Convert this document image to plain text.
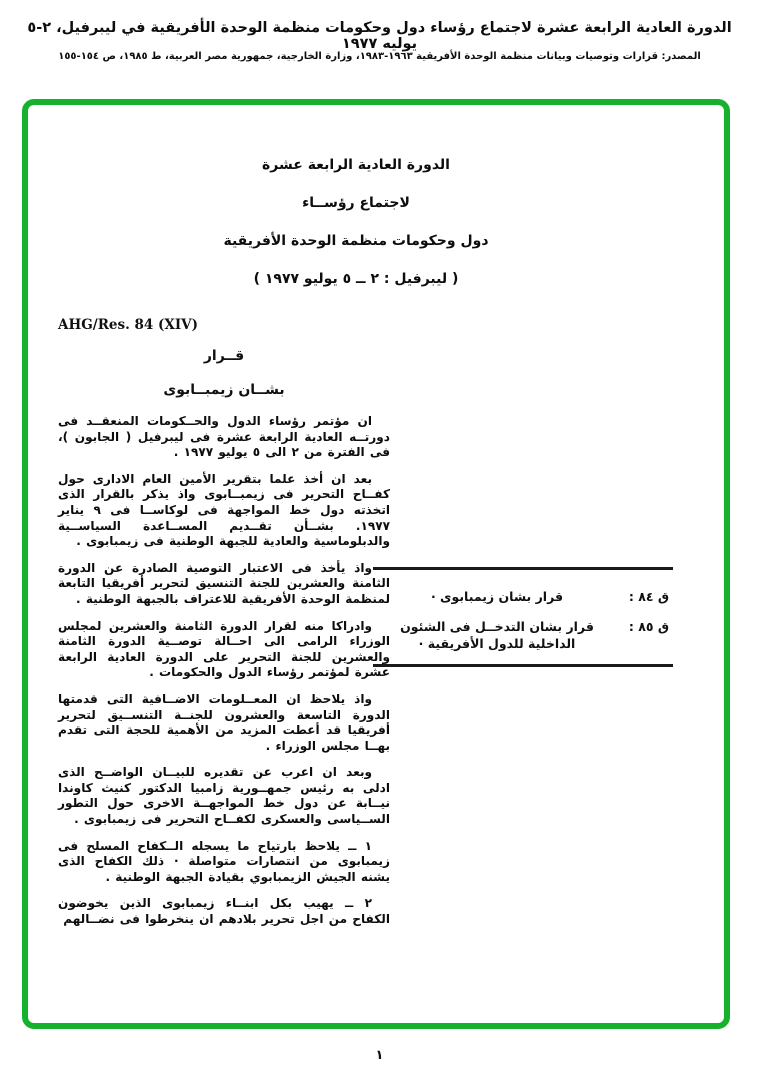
الدورة العادية الرابعة عشرة لاجتماع رؤساء دول وحكومات منظمة الوحدة الأفريقية في ليبرفيل، ٢-٥ يوليه ١٩٧٧
المصدر: قرارات وتوصيات وبيانات منظمة الوحدة الأفريقية ١٩٦٣-١٩٨٣، وزارة الخارجية، جمهورية مصر العربية، ط ١٩٨٥، ص ١٥٤-١٥٥
الدورة العادية الرابعة عشرة
لاجتماع رؤســاء
دول وحكومات منظمة الوحدة الأفريقية
( ليبرفيل : ٢ ــ ٥ يوليو ١٩٧٧ )
AHG/Res. 84 (XIV)
قــرار
بشــان زيمبــابوى

ان مؤتمر رؤساء الدول والحــكومات المنعقــد فى دورتــه العادية الرابعة عشرة فى ليبرفيل ( الجابون )، فى الفترة من ٢ الى ٥ يوليو ١٩٧٧ .

بعد ان أخذ علما بتقرير الأمين العام الادارى حول كفــاح التحرير فى زيمبــابوى واذ يذكر بالقرار الذى اتخذته دول خط المواجهة فى لوكاســا فى ٩ يناير ١٩٧٧. بشــأن تقــديم المســاعدة السياســية والدبلوماسية والعادية للجبهة الوطنية فى زيمبابوى .

واذ يأخذ فى الاعتبار التوصية الصادرة عن الدورة الثامنة والعشرين للجنة التنسيق لتحرير أفريقيا التابعة لمنظمة الوحدة الأفريقية للاعتراف بالجبهة الوطنية .

وادراكا منه لقرار الدورة الثامنة والعشرين لمجلس الوزراء الرامى الى احــالة توصــية الدورة الثامنة والعشرين للجنة التحرير على الدورة العادية الرابعة عشرة لمؤتمر رؤساء الدول والحكومات .

واذ يلاحظ ان المعــلومات الاضــافية التى قدمتها الدورة التاسعة والعشرون للجنــة التنســيق لتحرير أفريقيا قد أعطت المزيد من الأهمية للحجة التى تقدم بهــا مجلس الوزراء .

وبعد ان اعرب عن تقديره للبيــان الواضــح الذى ادلى به رئيس جمهــورية زامبيا الدكتور كنيث كاوندا نيــابة عن دول خط المواجهــة الاخرى حول التطور الســياسى والعسكرى لكفــاح التحرير فى زيمبابوى .

١ ــ يلاحظ بارتياح ما يسجله الــكفاح المسلح فى زيمبابوى من انتصارات متواصلة · ذلك الكفاح الذى يشنه الجيش الزيمبابوي بقيادة الجبهة الوطنية .

٢ ــ يهيب بكل ابنــاء زيمبابوى الذين يخوضون الكفاح من اجل تحرير بلادهم ان ينخرطوا فى نضــالهم

ق ٨٤ :
قرار بشان زيمبابوى ·
ق ٨٥ :
قرار بشان التدخــل فى الشئون الداخلية للدول الأفريقية ·
١
